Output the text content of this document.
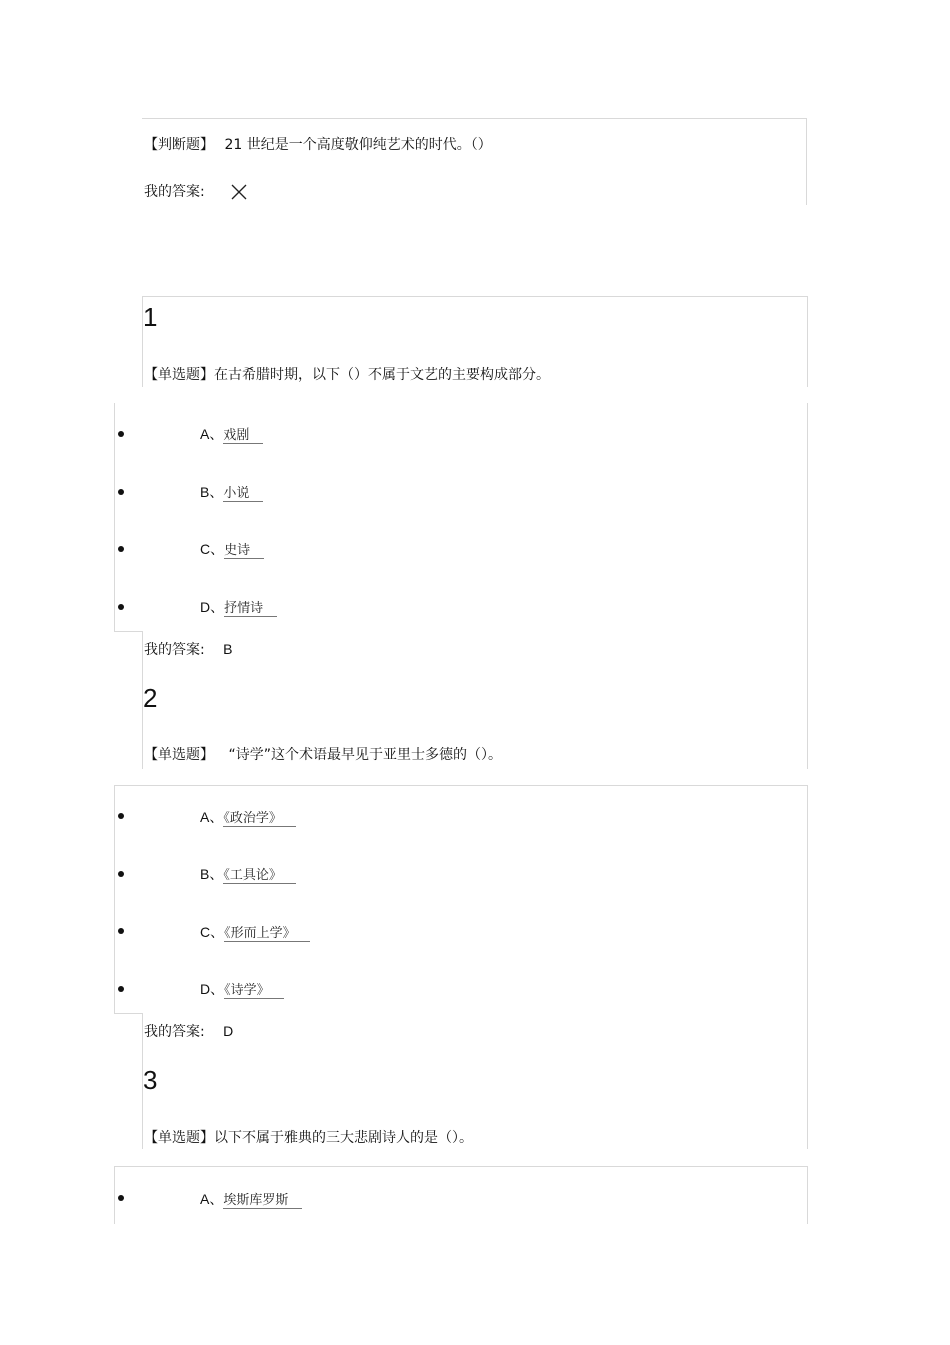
【判断题】 21 世纪是一个高度敬仰纯艺术的时代。（）
我的答案:
1
【单选题】在古希腊时期，以下（）不属于文艺的主要构成部分。
A、戏剧
B、小说
C、史诗
D、抒情诗
我的答案: B
2
【单选题】 “诗学”这个术语最早见于亚里士多德的（）。
A、《政治学》
B、《工具论》
C、《形而上学》
D、《诗学》
我的答案: D
3
【单选题】以下不属于雅典的三大悲剧诗人的是（）。
A、埃斯库罗斯
